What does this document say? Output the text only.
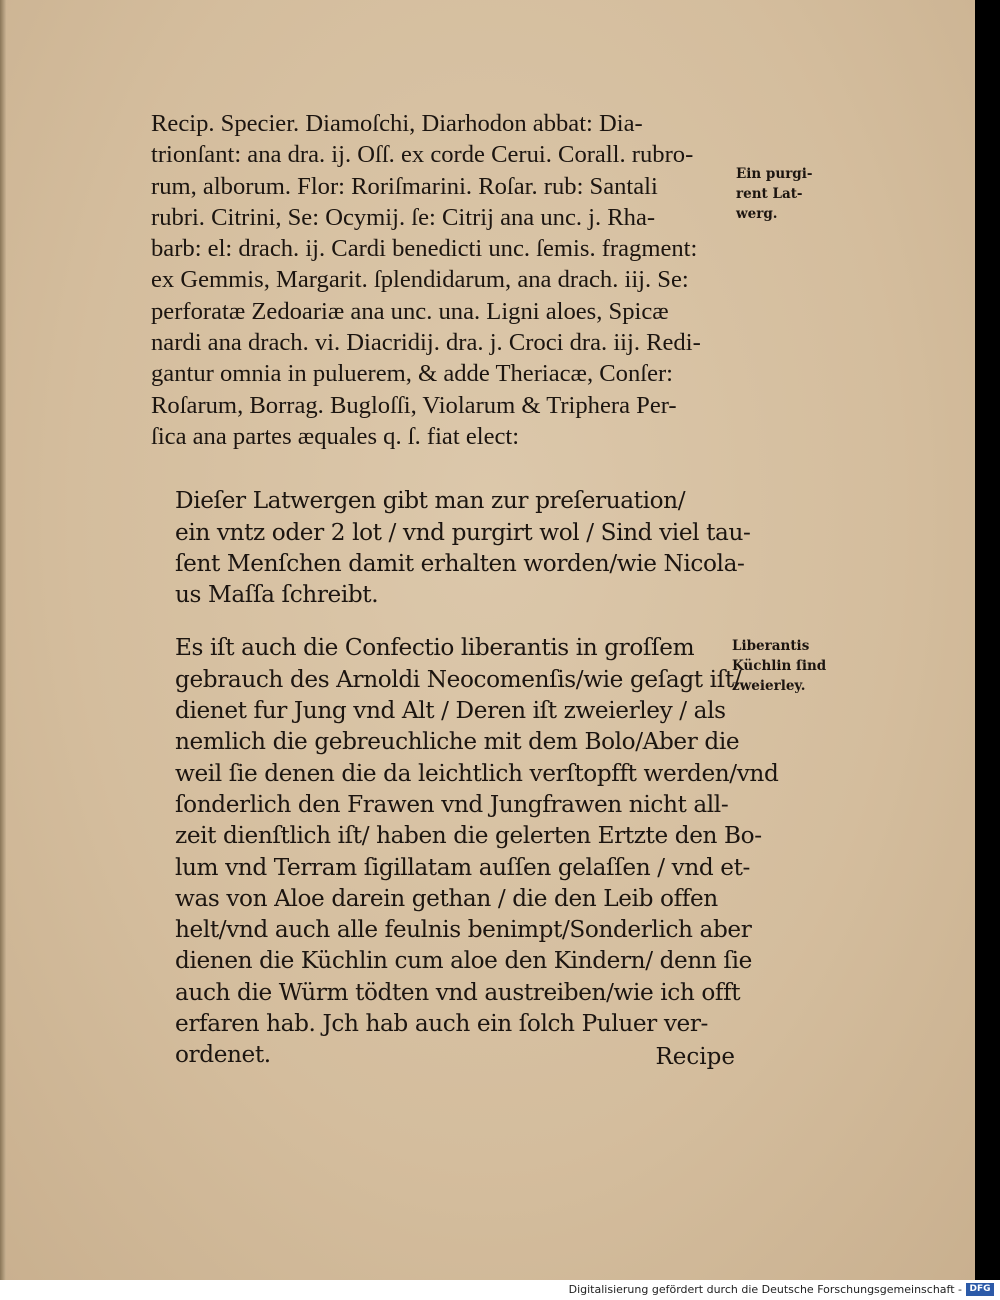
Recip. Specier. Diamoſchi, Diarhodon abbat: Dia-
trionſant: ana dra. ij. Oſſ. ex corde Cerui. Corall. rubro-
rum, alborum. Flor: Roriſmarini. Roſar. rub: Santali
rubri. Citrini, Se: Ocymij. ſe: Citrij ana unc. j. Rha-
barb: el: drach. ij. Cardi benedicti unc. ſemis. fragment:
ex Gemmis, Margarit. ſplendidarum, ana drach. iij. Se:
perforatæ Zedoariæ ana unc. una. Ligni aloes, Spicæ
nardi ana drach. vi. Diacridij. dra. j. Croci dra. iij. Redi-
gantur omnia in puluerem, & adde Theriacæ, Conſer:
Roſarum, Borrag. Bugloſſi, Violarum & Triphera Per-
ſica ana partes æquales q. ſ. fiat elect:

Dieſer Latwergen gibt man zur preſeruation/
ein vntz oder 2 lot / vnd purgirt wol / Sind viel tau-
ſent Menſchen damit erhalten worden/wie Nicola-
us Maſſa ſchreibt.

Es iſt auch die Confectio liberantis in groſſem
gebrauch des Arnoldi Neocomenſis/wie geſagt iſt/
dienet fur Jung vnd Alt / Deren iſt zweierley / als
nemlich die gebreuchliche mit dem Bolo/Aber die
weil ſie denen die da leichtlich verſtopfft werden/vnd
ſonderlich den Frawen vnd Jungfrawen nicht all-
zeit dienſtlich iſt/ haben die gelerten Ertzte den Bo-
lum vnd Terram ſigillatam auſſen gelaſſen / vnd et-
was von Aloe darein gethan / die den Leib offen
helt/vnd auch alle feulnis benimpt/Sonderlich aber
dienen die Küchlin cum aloe den Kindern/ denn ſie
auch die Würm tödten vnd austreiben/wie ich offt
erfaren hab. Jch hab auch ein ſolch Puluer ver-
ordenet.

Ein purgi-
rent Lat-
werg.
Liberantis
Küchlin ſind
zweierley.
Recipe
Digitalisierung gefördert durch die Deutsche Forschungsgemeinschaft - DFG
